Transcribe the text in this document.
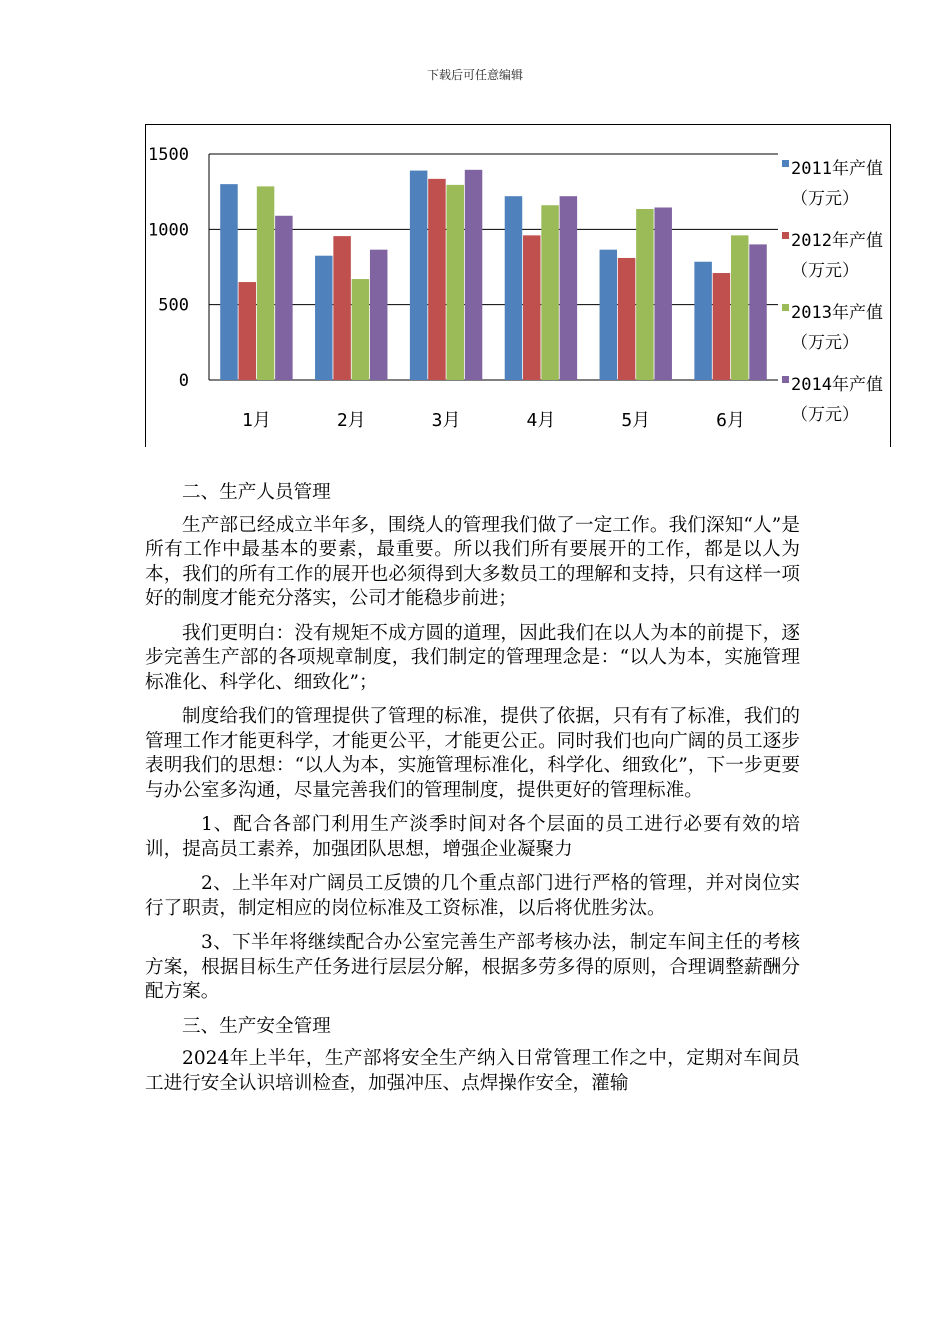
下载后可任意编辑
0
500
1000
1500
1月	2月	3月	4月	5月	6月
2011年产值
（万元）
2012年产值
（万元）
2013年产值
（万元）
2014年产值
（万元）

二、生产人员管理

生产部已经成立半年多，围绕人的管理我们做了一定工作。我们深知“人”是所有工作中最基本的要素，最重要。所以我们所有要展开的工作，都是以人为本，我们的所有工作的展开也必须得到大多数员工的理解和支持，只有这样一项好的制度才能充分落实，公司才能稳步前进；

我们更明白：没有规矩不成方圆的道理，因此我们在以人为本的前提下，逐步完善生产部的各项规章制度，我们制定的管理理念是：“以人为本，实施管理标准化、科学化、细致化”；

制度给我们的管理提供了管理的标准，提供了依据，只有有了标准，我们的管理工作才能更科学，才能更公平，才能更公正。同时我们也向广阔的员工逐步表明我们的思想：“以人为本，实施管理标准化，科学化、细致化”，下一步更要与办公室多沟通，尽量完善我们的管理制度，提供更好的管理标准。

1、配合各部门利用生产淡季时间对各个层面的员工进行必要有效的培训，提高员工素养，加强团队思想，增强企业凝聚力

2、上半年对广阔员工反馈的几个重点部门进行严格的管理，并对岗位实行了职责，制定相应的岗位标准及工资标准，以后将优胜劣汰。

3、下半年将继续配合办公室完善生产部考核办法，制定车间主任的考核方案，根据目标生产任务进行层层分解，根据多劳多得的原则，合理调整薪酬分配方案。

三、生产安全管理

2024年上半年，生产部将安全生产纳入日常管理工作之中，定期对车间员工进行安全认识培训检查，加强冲压、点焊操作安全，灌输
